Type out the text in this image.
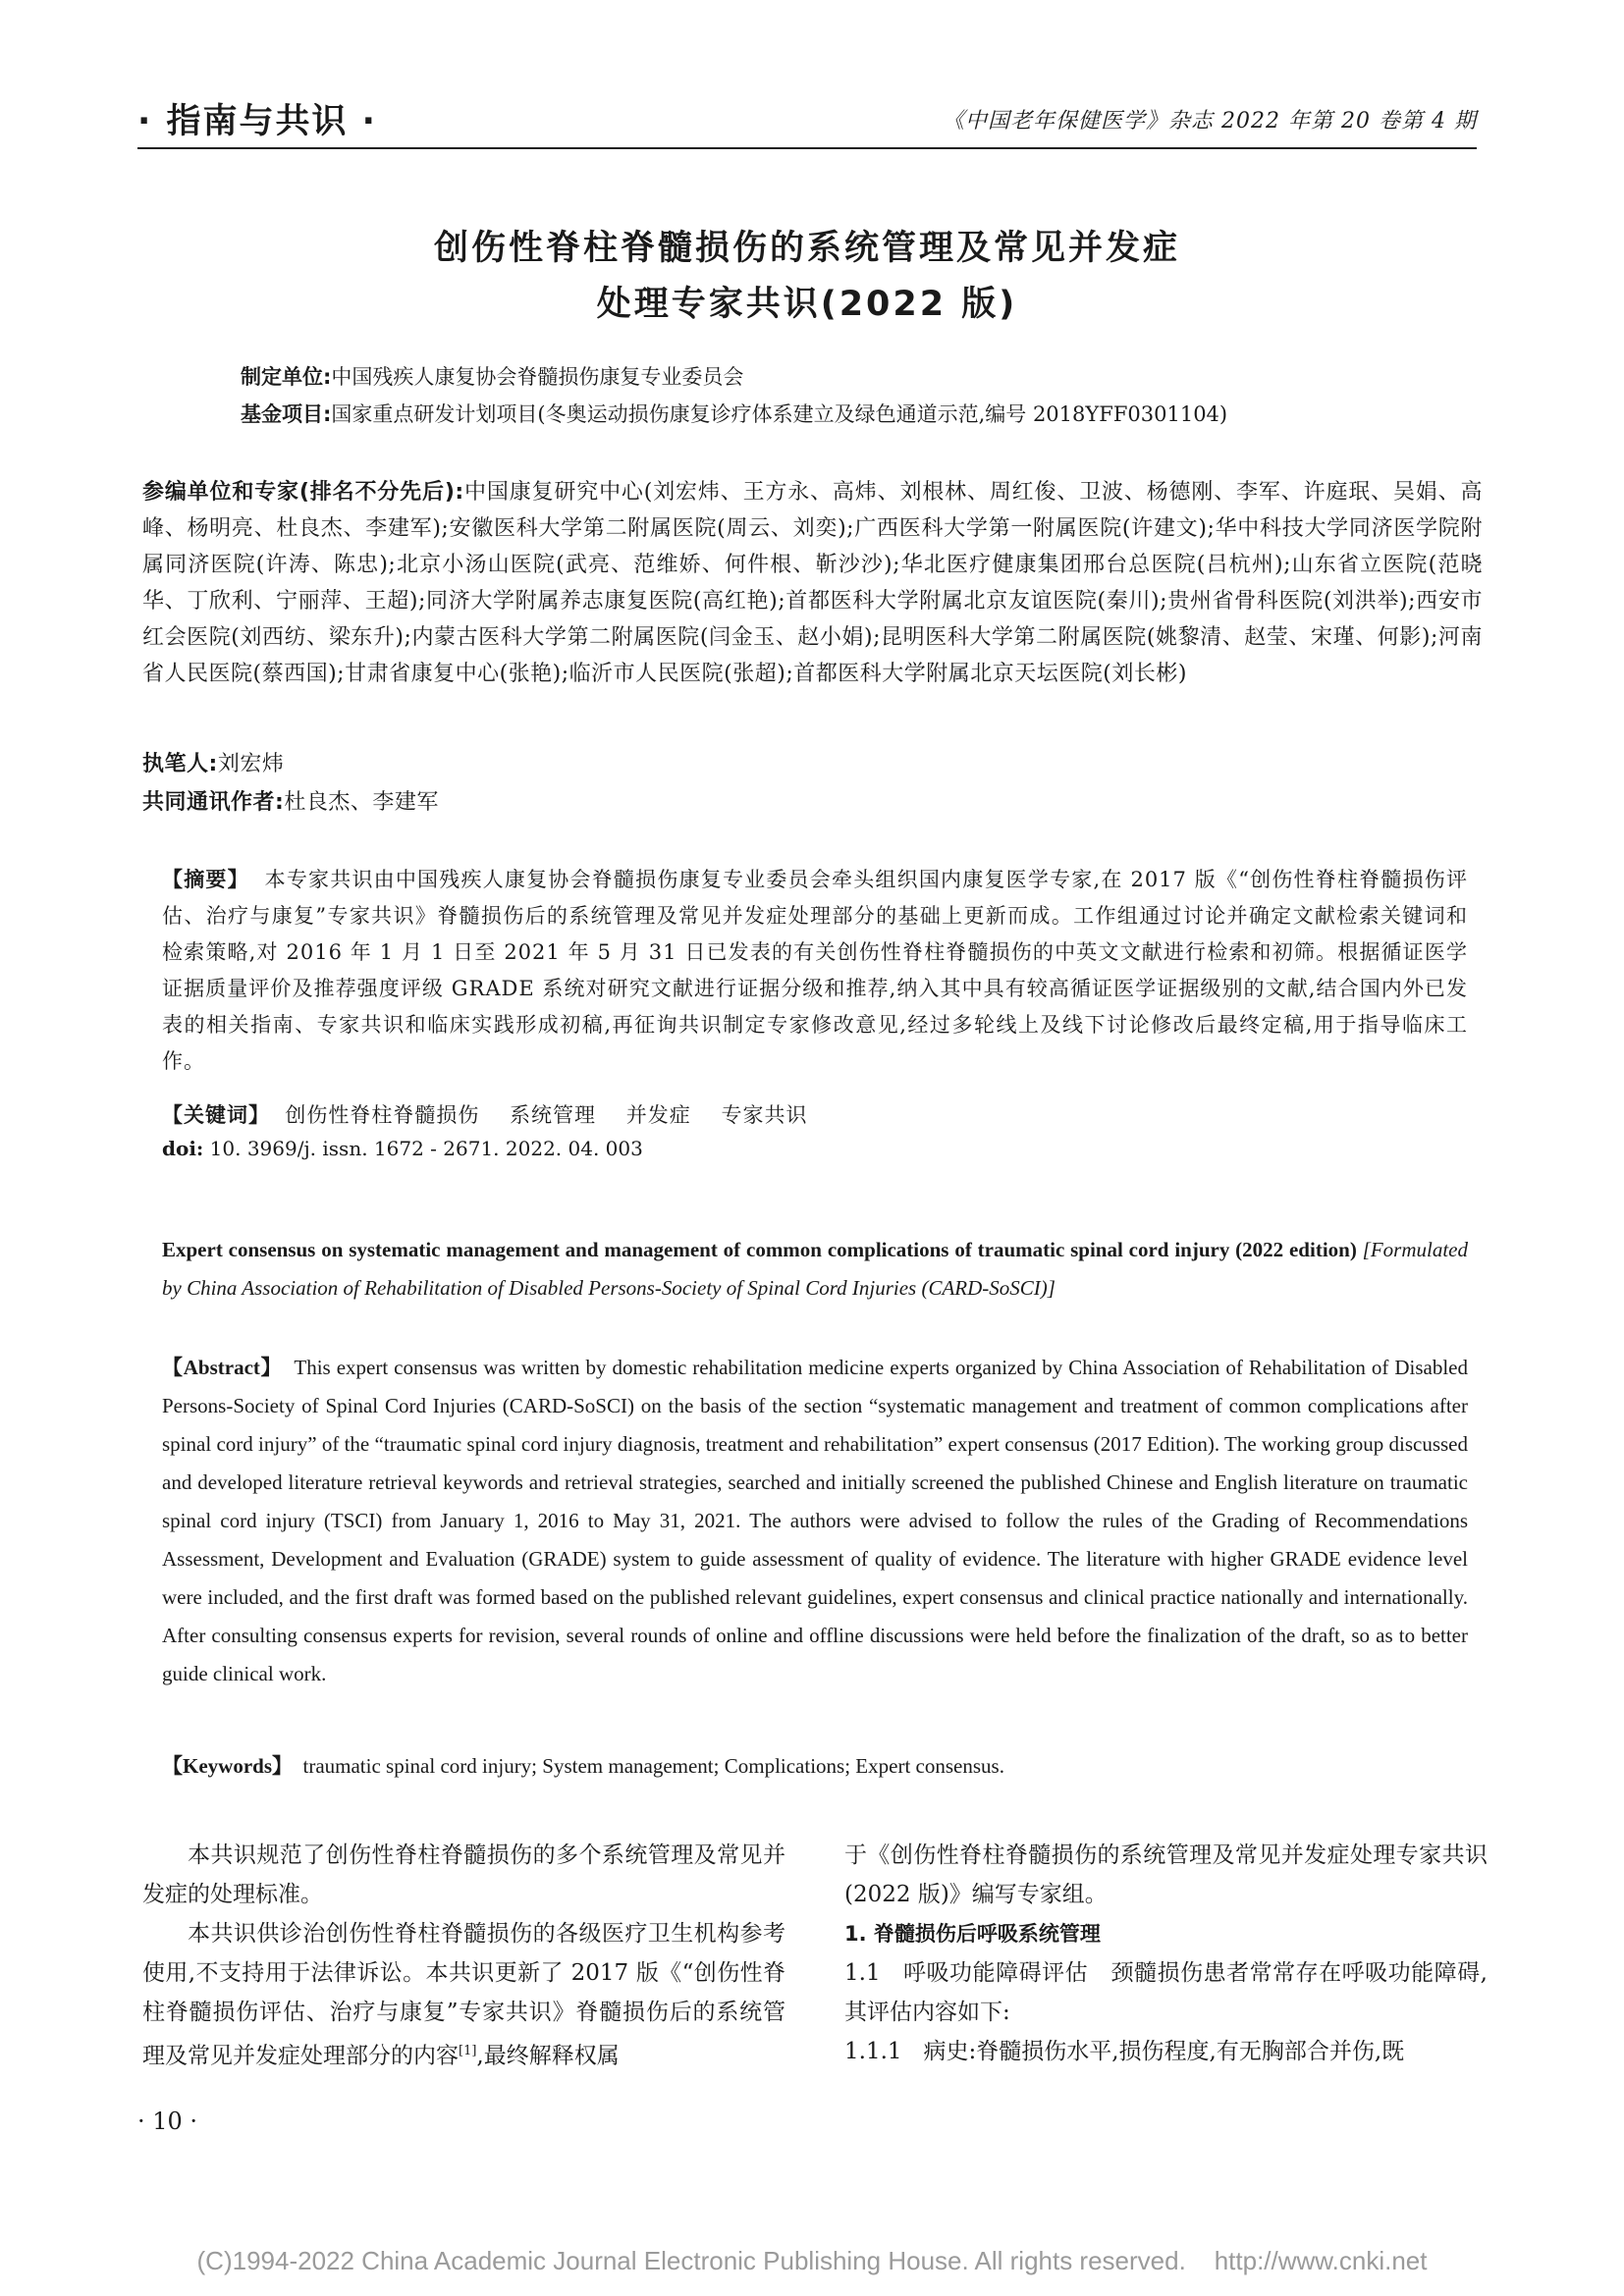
· 指南与共识 ·	《中国老年保健医学》杂志 2022 年第 20 卷第 4 期
创伤性脊柱脊髓损伤的系统管理及常见并发症
处理专家共识(2022 版)
制定单位:中国残疾人康复协会脊髓损伤康复专业委员会
基金项目:国家重点研发计划项目(冬奥运动损伤康复诊疗体系建立及绿色通道示范,编号 2018YFF0301104)
参编单位和专家(排名不分先后):中国康复研究中心(刘宏炜、王方永、高炜、刘根林、周红俊、卫波、杨德刚、李军、许庭珉、吴娟、高峰、杨明亮、杜良杰、李建军);安徽医科大学第二附属医院(周云、刘奕);广西医科大学第一附属医院(许建文);华中科技大学同济医学院附属同济医院(许涛、陈忠);北京小汤山医院(武亮、范维娇、何件根、靳沙沙);华北医疗健康集团邢台总医院(吕杭州);山东省立医院(范晓华、丁欣利、宁丽萍、王超);同济大学附属养志康复医院(高红艳);首都医科大学附属北京友谊医院(秦川);贵州省骨科医院(刘洪举);西安市红会医院(刘西纺、梁东升);内蒙古医科大学第二附属医院(闫金玉、赵小娟);昆明医科大学第二附属医院(姚黎清、赵莹、宋瑾、何影);河南省人民医院(蔡西国);甘肃省康复中心(张艳);临沂市人民医院(张超);首都医科大学附属北京天坛医院(刘长彬)
执笔人:刘宏炜
共同通讯作者:杜良杰、李建军
【摘要】 本专家共识由中国残疾人康复协会脊髓损伤康复专业委员会牵头组织国内康复医学专家,在 2017 版《“创伤性脊柱脊髓损伤评估、治疗与康复”专家共识》脊髓损伤后的系统管理及常见并发症处理部分的基础上更新而成。工作组通过讨论并确定文献检索关键词和检索策略,对 2016 年 1 月 1 日至 2021 年 5 月 31 日已发表的有关创伤性脊柱脊髓损伤的中英文文献进行检索和初筛。根据循证医学证据质量评价及推荐强度评级 GRADE 系统对研究文献进行证据分级和推荐,纳入其中具有较高循证医学证据级别的文献,结合国内外已发表的相关指南、专家共识和临床实践形成初稿,再征询共识制定专家修改意见,经过多轮线上及线下讨论修改后最终定稿,用于指导临床工作。
【关键词】 创伤性脊柱脊髓损伤    系统管理    并发症    专家共识
doi: 10. 3969/j. issn. 1672 - 2671. 2022. 04. 003
Expert consensus on systematic management and management of common complications of traumatic spinal cord injury (2022 edition) [Formulated by China Association of Rehabilitation of Disabled Persons-Society of Spinal Cord Injuries (CARD-SoSCI)]
【Abstract】 This expert consensus was written by domestic rehabilitation medicine experts organized by China Association of Rehabilitation of Disabled Persons-Society of Spinal Cord Injuries (CARD-SoSCI) on the basis of the section “systematic management and treatment of common complications after spinal cord injury” of the “traumatic spinal cord injury diagnosis, treatment and rehabilitation” expert consensus (2017 Edition). The working group discussed and developed literature retrieval keywords and retrieval strategies, searched and initially screened the published Chinese and English literature on traumatic spinal cord injury (TSCI) from January 1, 2016 to May 31, 2021. The authors were advised to follow the rules of the Grading of Recommendations Assessment, Development and Evaluation (GRADE) system to guide assessment of quality of evidence. The literature with higher GRADE evidence level were included, and the first draft was formed based on the published relevant guidelines, expert consensus and clinical practice nationally and internationally. After consulting consensus experts for revision, several rounds of online and offline discussions were held before the finalization of the draft, so as to better guide clinical work.
【Keywords】 traumatic spinal cord injury; System management; Complications; Expert consensus.

本共识规范了创伤性脊柱脊髓损伤的多个系统管理及常见并发症的处理标准。

本共识供诊治创伤性脊柱脊髓损伤的各级医疗卫生机构参考使用,不支持用于法律诉讼。本共识更新了 2017 版《“创伤性脊柱脊髓损伤评估、治疗与康复”专家共识》脊髓损伤后的系统管理及常见并发症处理部分的内容[1],最终解释权属

于《创伤性脊柱脊髓损伤的系统管理及常见并发症处理专家共识(2022 版)》编写专家组。

1. 脊髓损伤后呼吸系统管理

1.1   呼吸功能障碍评估   颈髓损伤患者常常存在呼吸功能障碍,其评估内容如下:

1.1.1   病史:脊髓损伤水平,损伤程度,有无胸部合并伤,既

· 10 ·
(C)1994-2022 China Academic Journal Electronic Publishing House. All rights reserved.    http://www.cnki.net
